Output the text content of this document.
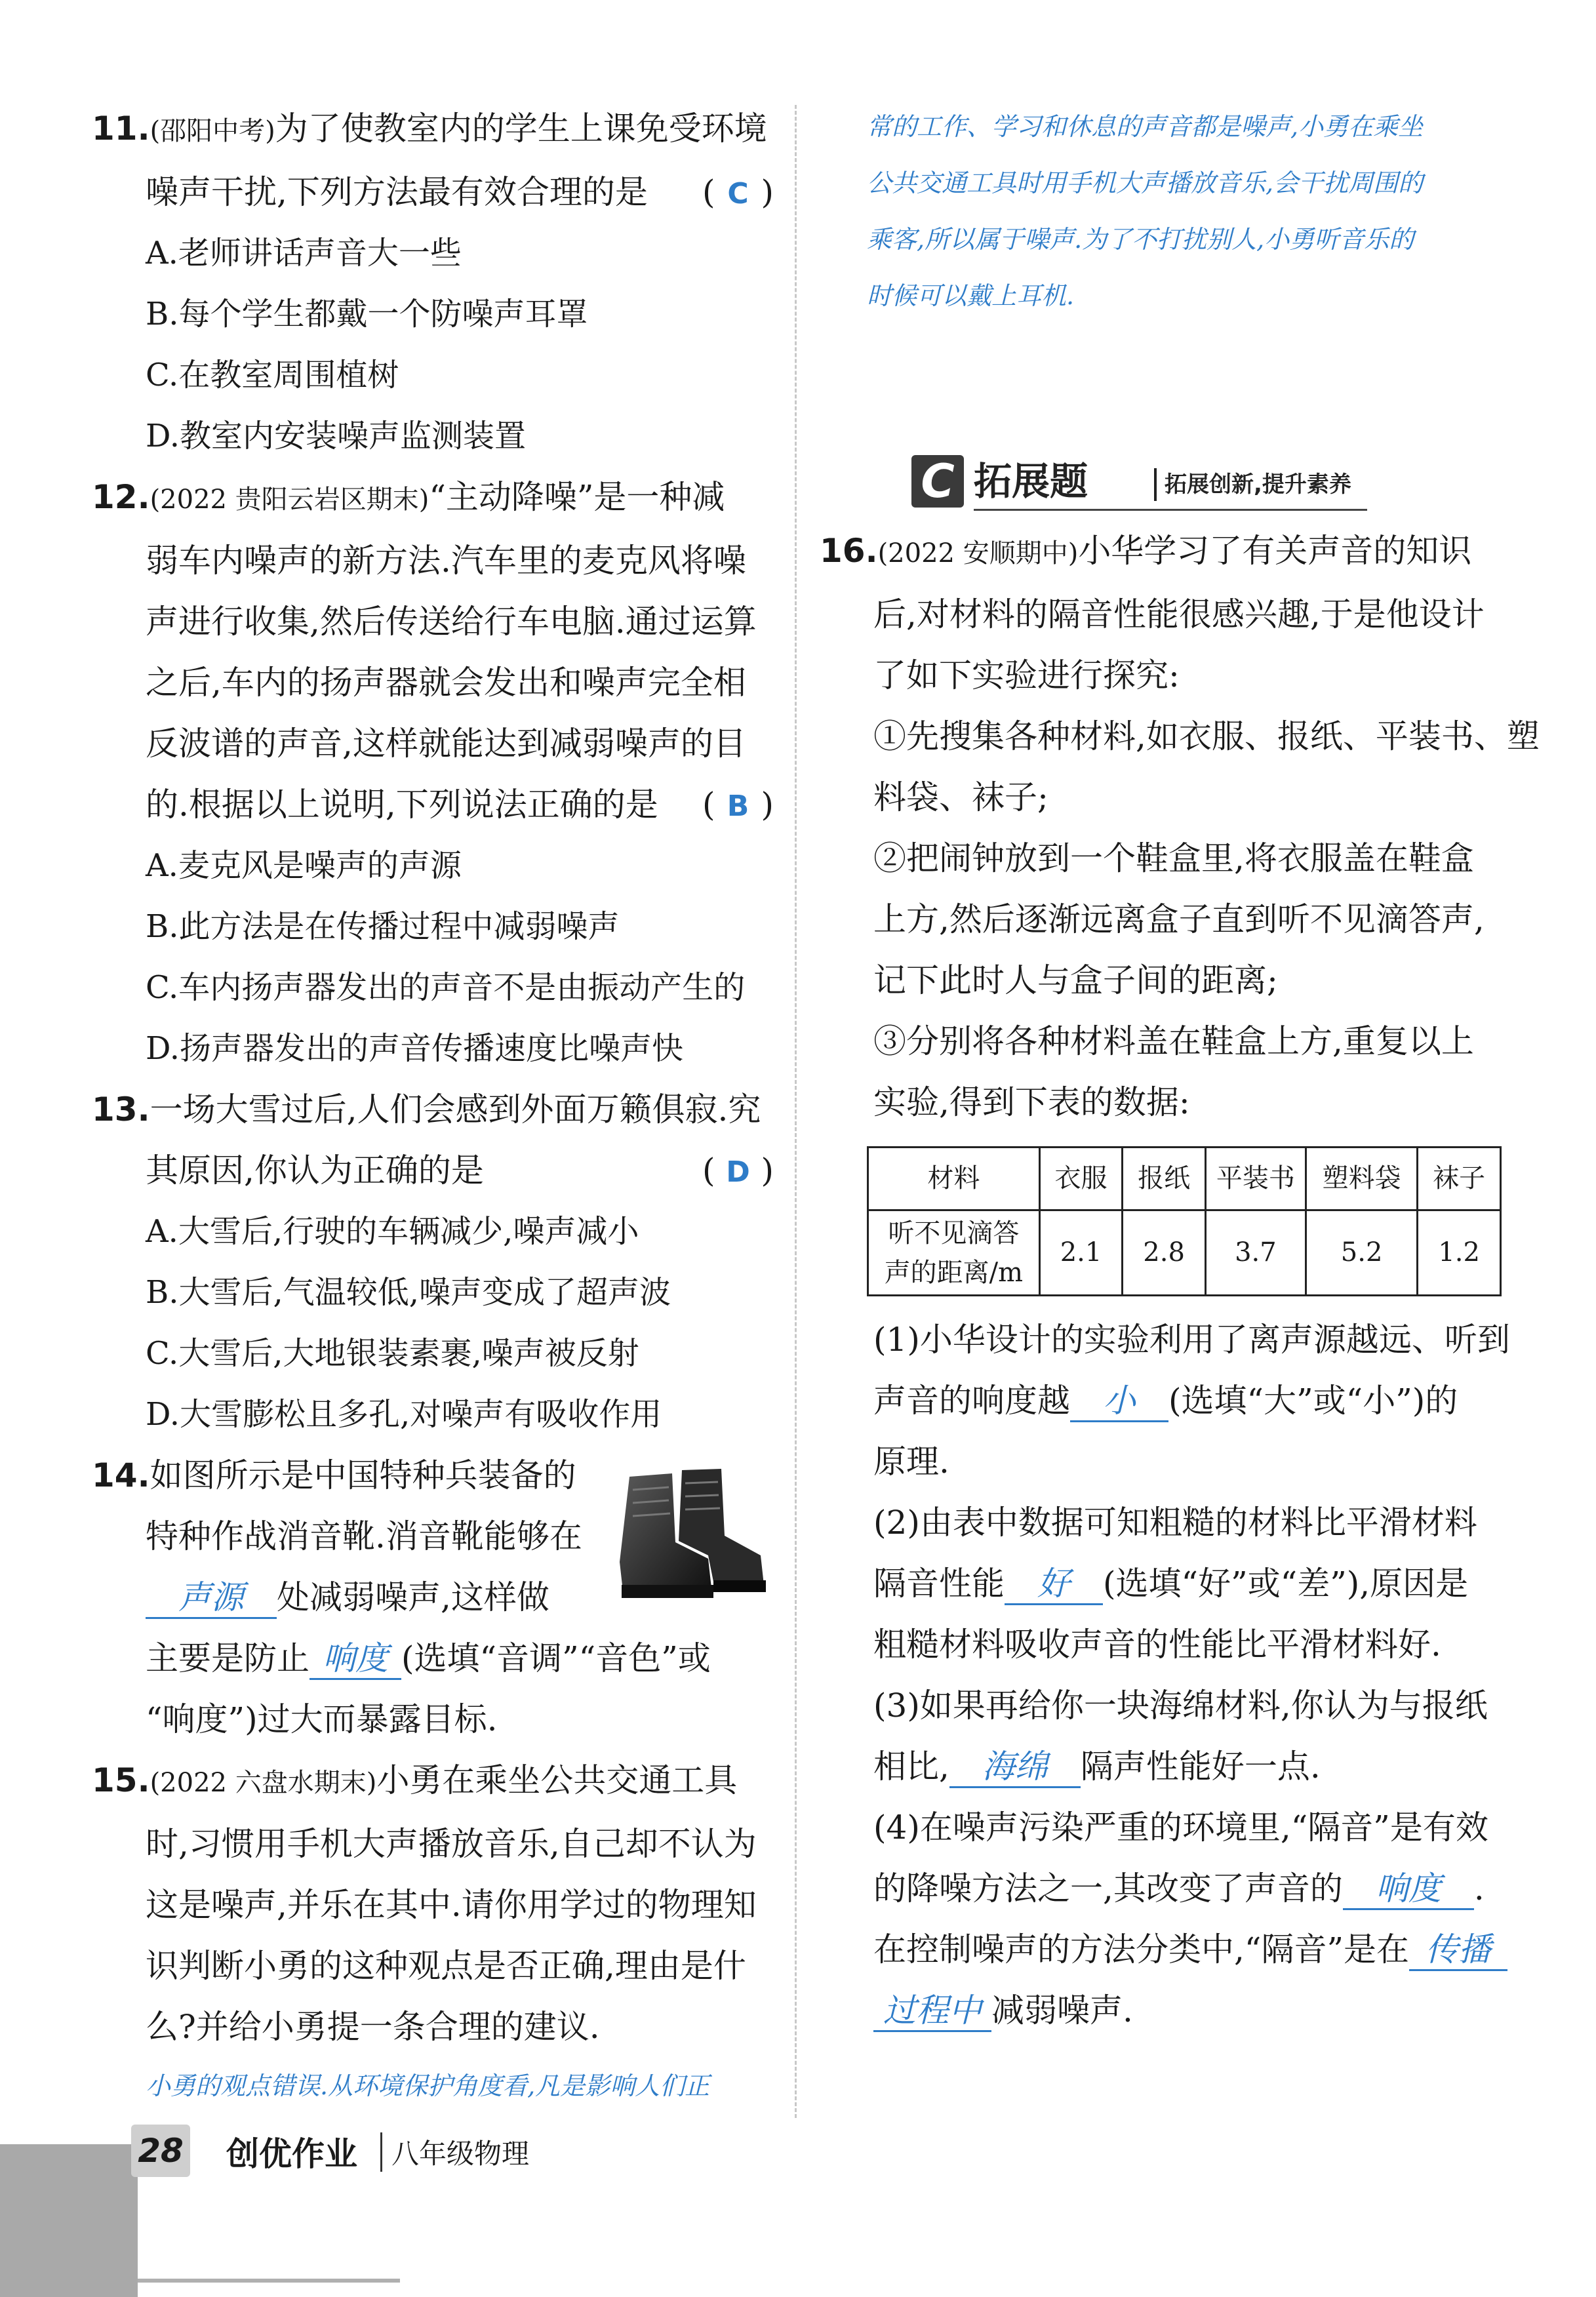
11.(邵阳中考)为了使教室内的学生上课免受环境
噪声干扰,下列方法最有效合理的是 ( C )
A.老师讲话声音大一些
B.每个学生都戴一个防噪声耳罩
C.在教室周围植树
D.教室内安装噪声监测装置
12.(2022 贵阳云岩区期末)“主动降噪”是一种减
弱车内噪声的新方法.汽车里的麦克风将噪
声进行收集,然后传送给行车电脑.通过运算
之后,车内的扬声器就会发出和噪声完全相
反波谱的声音,这样就能达到减弱噪声的目
的.根据以上说明,下列说法正确的是 ( B )
A.麦克风是噪声的声源
B.此方法是在传播过程中减弱噪声
C.车内扬声器发出的声音不是由振动产生的
D.扬声器发出的声音传播速度比噪声快
13.一场大雪过后,人们会感到外面万籁俱寂.究
其原因,你认为正确的是	( D )
A.大雪后,行驶的车辆减少,噪声减小
B.大雪后,气温较低,噪声变成了超声波
C.大雪后,大地银装素裹,噪声被反射
D.大雪膨松且多孔,对噪声有吸收作用
14.如图所示是中国特种兵装备的
特种作战消音靴.消音靴能够在
声源 处减弱噪声,这样做
主要是防止 响度 (选填“音调”“音色”或
“响度”)过大而暴露目标.
15.(2022 六盘水期末)小勇在乘坐公共交通工具
时,习惯用手机大声播放音乐,自己却不认为
这是噪声,并乐在其中.请你用学过的物理知
识判断小勇的这种观点是否正确,理由是什
么?并给小勇提一条合理的建议.
小勇的观点错误.从环境保护角度看,凡是影响人们正
常的工作、学习和休息的声音都是噪声,小勇在乘坐
公共交通工具时用手机大声播放音乐,会干扰周围的
乘客,所以属于噪声.为了不打扰别人,小勇听音乐的
时候可以戴上耳机.
C 拓展题	拓展创新,提升素养
16.(2022 安顺期中)小华学习了有关声音的知识
后,对材料的隔音性能很感兴趣,于是他设计
了如下实验进行探究:
①先搜集各种材料,如衣服、报纸、平装书、塑
料袋、袜子;
②把闹钟放到一个鞋盒里,将衣服盖在鞋盒
上方,然后逐渐远离盒子直到听不见滴答声,
记下此时人与盒子间的距离;
③分别将各种材料盖在鞋盒上方,重复以上
实验,得到下表的数据:
材料	衣服	报纸	平装书	塑料袋	袜子
听不见滴答
声的距离/m	2.1	2.8	3.7	5.2	1.2
(1)小华设计的实验利用了离声源越远、听到
声音的响度越 小 (选填“大”或“小”)的
原理.
(2)由表中数据可知粗糙的材料比平滑材料
隔音性能 好 (选填“好”或“差”),原因是
粗糙材料吸收声音的性能比平滑材料好.
(3)如果再给你一块海绵材料,你认为与报纸
相比, 海绵 隔声性能好一点.
(4)在噪声污染严重的环境里,“隔音”是有效
的降噪方法之一,其改变了声音的 响度 .
在控制噪声的方法分类中,“隔音”是在 传播
过程中 减弱噪声.
28 创优作业	八年级物理
